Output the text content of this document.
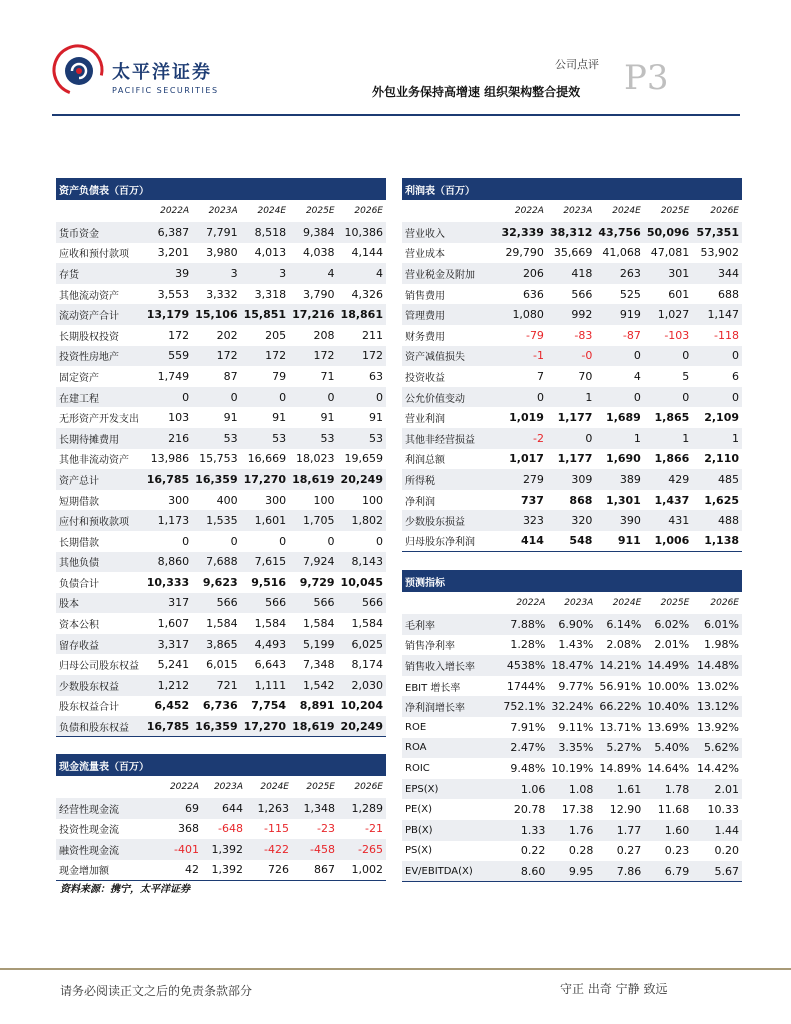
太平洋证券
PACIFIC SECURITIES
公司点评 P3
外包业务保持高增速 组织架构整合提效
资产负债表（百万）					
	2022A	2023A	2024E	2025E	2026E
货币资金	6,387	7,791	8,518	9,384	10,386
应收和预付款项	3,201	3,980	4,013	4,038	4,144
存货	39	3	3	4	4
其他流动资产	3,553	3,332	3,318	3,790	4,326
流动资产合计	13,179	15,106	15,851	17,216	18,861
长期股权投资	172	202	205	208	211
投资性房地产	559	172	172	172	172
固定资产	1,749	87	79	71	63
在建工程	0	0	0	0	0
无形资产开发支出	103	91	91	91	91
长期待摊费用	216	53	53	53	53
其他非流动资产	13,986	15,753	16,669	18,023	19,659
资产总计	16,785	16,359	17,270	18,619	20,249
短期借款	300	400	300	100	100
应付和预收款项	1,173	1,535	1,601	1,705	1,802
长期借款	0	0	0	0	0
其他负债	8,860	7,688	7,615	7,924	8,143
负债合计	10,333	9,623	9,516	9,729	10,045
股本	317	566	566	566	566
资本公积	1,607	1,584	1,584	1,584	1,584
留存收益	3,317	3,865	4,493	5,199	6,025
归母公司股东权益	5,241	6,015	6,643	7,348	8,174
少数股东权益	1,212	721	1,111	1,542	2,030
股东权益合计	6,452	6,736	7,754	8,891	10,204
负债和股东权益	16,785	16,359	17,270	18,619	20,249
现金流量表（百万）					
	2022A	2023A	2024E	2025E	2026E
经营性现金流	69	644	1,263	1,348	1,289
投资性现金流	368	-648	-115	-23	-21
融资性现金流	-401	1,392	-422	-458	-265
现金增加额	42	1,392	726	867	1,002
利润表（百万）					
	2022A	2023A	2024E	2025E	2026E
营业收入	32,339	38,312	43,756	50,096	57,351
营业成本	29,790	35,669	41,068	47,081	53,902
营业税金及附加	206	418	263	301	344
销售费用	636	566	525	601	688
管理费用	1,080	992	919	1,027	1,147
财务费用	-79	-83	-87	-103	-118
资产减值损失	-1	-0	0	0	0
投资收益	7	70	4	5	6
公允价值变动	0	1	0	0	0
营业利润	1,019	1,177	1,689	1,865	2,109
其他非经营损益	-2	0	1	1	1
利润总额	1,017	1,177	1,690	1,866	2,110
所得税	279	309	389	429	485
净利润	737	868	1,301	1,437	1,625
少数股东损益	323	320	390	431	488
归母股东净利润	414	548	911	1,006	1,138
预测指标					
	2022A	2023A	2024E	2025E	2026E
毛利率	7.88%	6.90%	6.14%	6.02%	6.01%
销售净利率	1.28%	1.43%	2.08%	2.01%	1.98%
销售收入增长率	4538%	18.47%	14.21%	14.49%	14.48%
EBIT 增长率	1744%	9.77%	56.91%	10.00%	13.02%
净利润增长率	752.1%	32.24%	66.22%	10.40%	13.12%
ROE	7.91%	9.11%	13.71%	13.69%	13.92%
ROA	2.47%	3.35%	5.27%	5.40%	5.62%
ROIC	9.48%	10.19%	14.89%	14.64%	14.42%
EPS(X)	1.06	1.08	1.61	1.78	2.01
PE(X)	20.78	17.38	12.90	11.68	10.33
PB(X)	1.33	1.76	1.77	1.60	1.44
PS(X)	0.22	0.28	0.27	0.23	0.20
EV/EBITDA(X)	8.60	9.95	7.86	6.79	5.67
资料来源：携宁，太平洋证券
请务必阅读正文之后的免责条款部分	守正 出奇 宁静 致远
